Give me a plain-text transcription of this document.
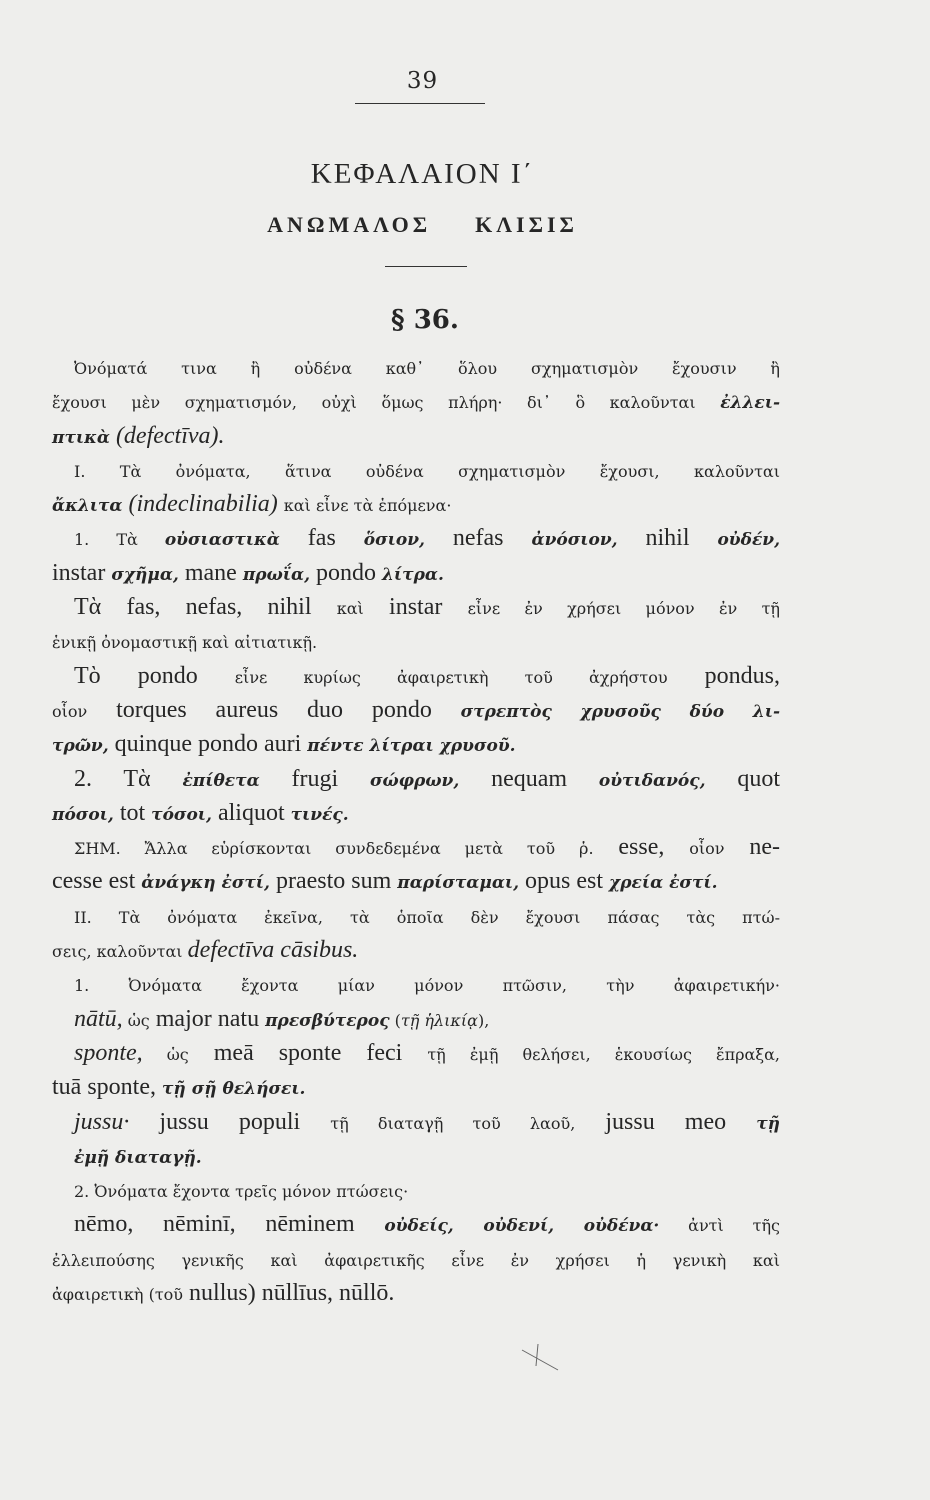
39
ΚΕΦΑΛΑΙΟΝ Ι΄
ΑΝΩΜΑΛΟΣ ΚΛΙΣΙΣ
§ 36.
Ὀνόματά τινα ἢ οὐδένα καθ᾽ ὅλου σχηματισμὸν ἔχουσιν ἢ
ἔχουσι μὲν σχηματισμόν, οὐχὶ ὅμως πλήρη· δι᾽ ὃ καλοῦνται ἐλλει-
πτικὰ (defectīva).
Ι. Τὰ ὀνόματα, ἅτινα οὐδένα σχηματισμὸν ἔχουσι, καλοῦνται
ἄκλιτα (indeclinabilia) καὶ εἶνε τὰ ἑπόμενα·
1. Τὰ οὐσιαστικὰ fas ὅσιον, nefas ἀνόσιον, nihil οὐδέν,
instar σχῆμα, mane πρωΐα, pondo λίτρα.
Τὰ fas, nefas, nihil καὶ instar εἶνε ἐν χρήσει μόνον ἐν τῇ
ἑνικῇ ὀνομαστικῇ καὶ αἰτιατικῇ.
Τὸ pondo εἶνε κυρίως ἀφαιρετικὴ τοῦ ἀχρήστου pondus,
οἷον torques aureus duo pondo στρεπτὸς χρυσοῦς δύο λι-
τρῶν, quinque pondo auri πέντε λίτραι χρυσοῦ.
2. Τὰ ἐπίθετα frugi σώφρων, nequam οὐτιδανός, quot
πόσοι, tot τόσοι, aliquot τινές.
ΣΗΜ. Ἄλλα εὑρίσκονται συνδεδεμένα μετὰ τοῦ ῥ. esse, οἷον ne-
cesse est ἀνάγκη ἐστί, praesto sum παρίσταμαι, opus est χρεία ἐστί.
ΙΙ. Τὰ ὀνόματα ἐκεῖνα, τὰ ὁποῖα δὲν ἔχουσι πάσας τὰς πτώ-
σεις, καλοῦνται defectīva cāsibus.
1. Ὀνόματα ἔχοντα μίαν μόνον πτῶσιν, τὴν ἀφαιρετικήν·
nātū, ὡς major natu πρεσβύτερος (τῇ ἡλικίᾳ),
sponte, ὡς meā sponte feci τῇ ἐμῇ θελήσει, ἑκουσίως ἔπραξα,
tuā sponte, τῇ σῇ θελήσει.
jussu· jussu populi τῇ διαταγῇ τοῦ λαοῦ, jussu meo τῇ
ἐμῇ διαταγῇ.
2. Ὀνόματα ἔχοντα τρεῖς μόνον πτώσεις·
nēmo, nēminī, nēminem οὐδείς, οὐδενί, οὐδένα· ἀντὶ τῆς
ἐλλειπούσης γενικῆς καὶ ἀφαιρετικῆς εἶνε ἐν χρήσει ἡ γενικὴ καὶ
ἀφαιρετικὴ (τοῦ nullus) nūllīus, nūllō.
